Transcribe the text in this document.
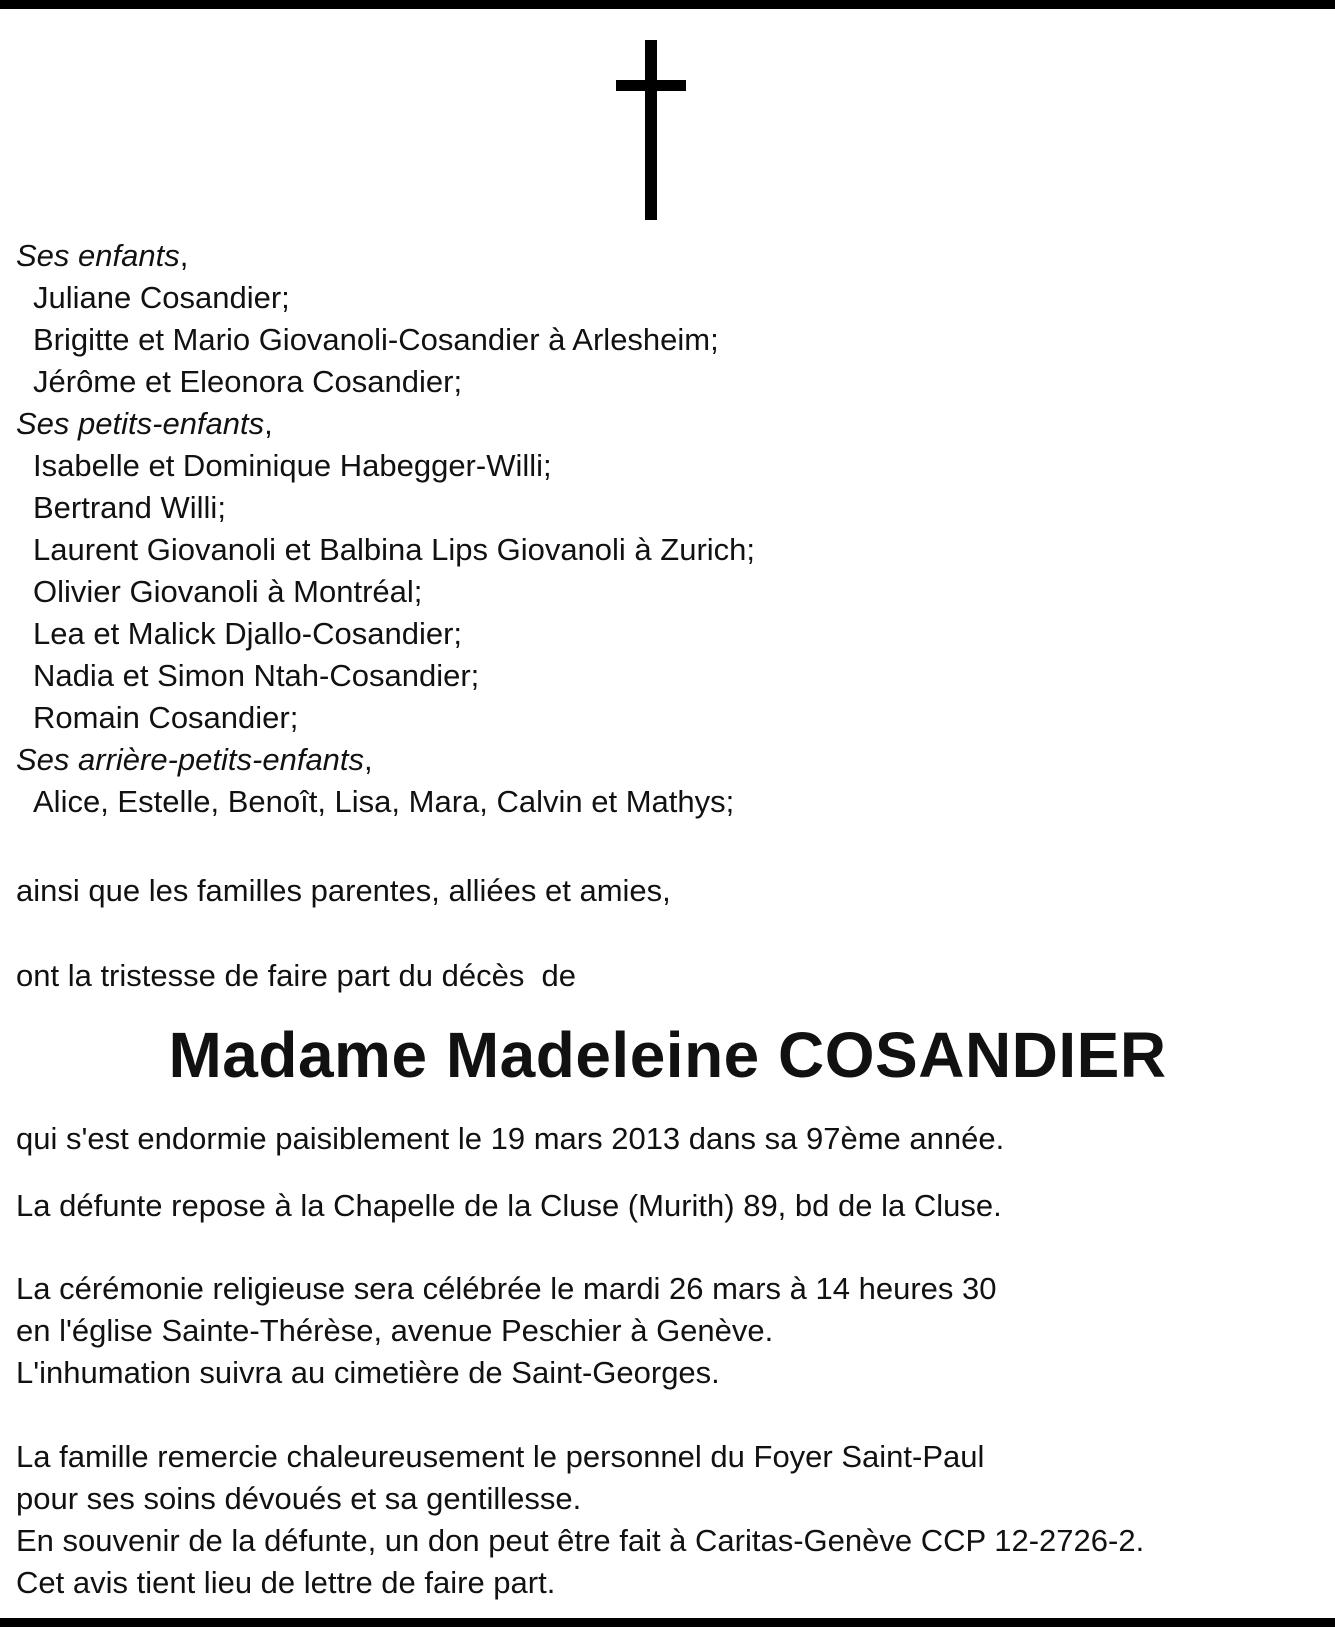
Ses enfants,
Juliane Cosandier;
Brigitte et Mario Giovanoli-Cosandier à Arlesheim;
Jérôme et Eleonora Cosandier;
Ses petits-enfants,
Isabelle et Dominique Habegger-Willi;
Bertrand Willi;
Laurent Giovanoli et Balbina Lips Giovanoli à Zurich;
Olivier Giovanoli à Montréal;
Lea et Malick Djallo-Cosandier;
Nadia et Simon Ntah-Cosandier;
Romain Cosandier;
Ses arrière-petits-enfants,
Alice, Estelle, Benoît, Lisa, Mara, Calvin et Mathys;
ainsi que les familles parentes, alliées et amies,
ont la tristesse de faire part du décès  de
Madame Madeleine COSANDIER
qui s'est endormie paisiblement le 19 mars 2013 dans sa 97ème année.
La défunte repose à la Chapelle de la Cluse (Murith) 89, bd de la Cluse.
La cérémonie religieuse sera célébrée le mardi 26 mars à 14 heures 30
en l'église Sainte-Thérèse, avenue Peschier à Genève.
L'inhumation suivra au cimetière de Saint-Georges.
La famille remercie chaleureusement le personnel du Foyer Saint-Paul
pour ses soins dévoués et sa gentillesse.
En souvenir de la défunte, un don peut être fait à Caritas-Genève CCP 12-2726-2.
Cet avis tient lieu de lettre de faire part.
